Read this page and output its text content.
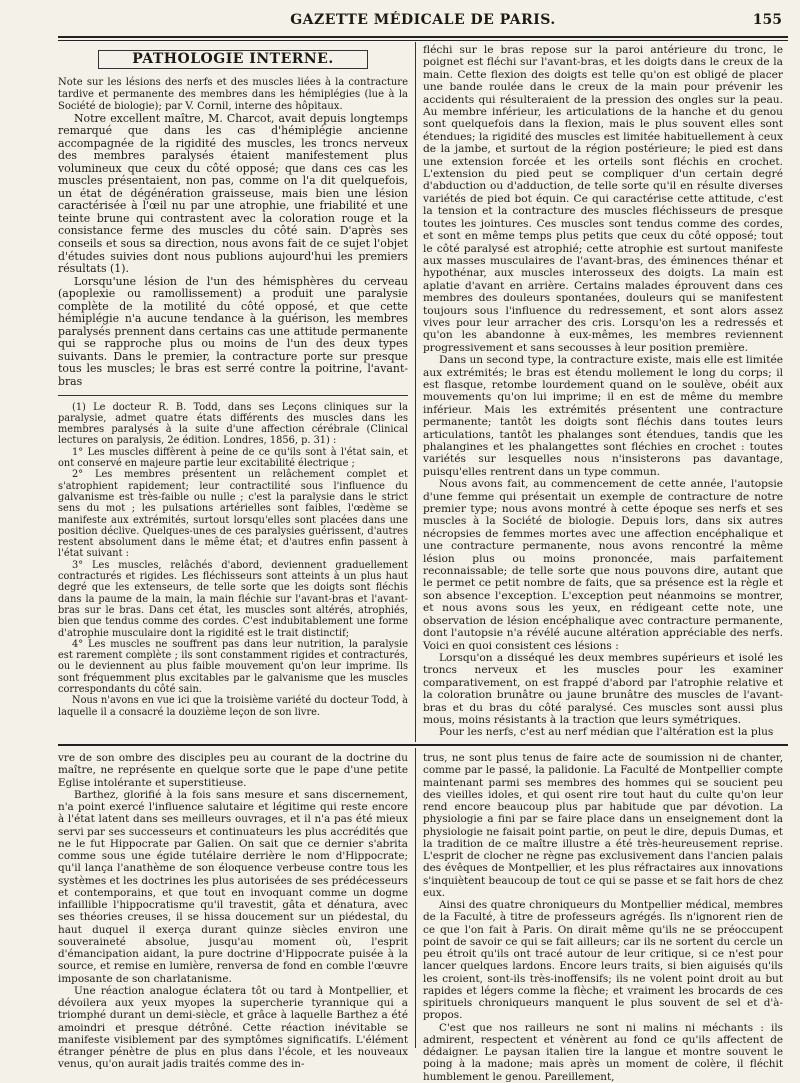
GAZETTE MÉDICALE DE PARIS.	155
PATHOLOGIE INTERNE.

Note sur les lésions des nerfs et des muscles liées à la contracture tardive et permanente des membres dans les hémiplégies (lue à la Société de biologie); par V. Cornil, interne des hôpitaux.

Notre excellent maître, M. Charcot, avait depuis longtemps remarqué que dans les cas d'hémiplégie ancienne accompagnée de la rigidité des muscles, les troncs nerveux des membres paralysés étaient manifestement plus volumineux que ceux du côté opposé; que dans ces cas les muscles présentaient, non pas, comme on l'a dit quelquefois, un état de dégénération graisseuse, mais bien une lésion caractérisée à l'œil nu par une atrophie, une friabilité et une teinte brune qui contrastent avec la coloration rouge et la consistance ferme des muscles du côté sain. D'après ses conseils et sous sa direction, nous avons fait de ce sujet l'objet d'études suivies dont nous publions aujourd'hui les premiers résultats (1).

Lorsqu'une lésion de l'un des hémisphères du cerveau (apoplexie ou ramollissement) a produit une paralysie complète de la motilité du côté opposé, et que cette hémiplégie n'a aucune tendance à la guérison, les membres paralysés prennent dans certains cas une attitude permanente qui se rapproche plus ou moins de l'un des deux types suivants. Dans le premier, la contracture porte sur presque tous les muscles; le bras est serré contre la poitrine, l'avant-bras

(1) Le docteur R. B. Todd, dans ses Leçons cliniques sur la paralysie, admet quatre états différents des muscles dans les membres paralysés à la suite d'une affection cérébrale (Clinical lectures on paralysis, 2e édition. Londres, 1856, p. 31) :

1° Les muscles diffèrent à peine de ce qu'ils sont à l'état sain, et ont conservé en majeure partie leur excitabilité électrique ;

2° Les membres présentent un relâchement complet et s'atrophient rapidement; leur contractilité sous l'influence du galvanisme est très-faible ou nulle ; c'est la paralysie dans le strict sens du mot ; les pulsations artérielles sont faibles, l'œdème se manifeste aux extrémités, surtout lorsqu'elles sont placées dans une position déclive. Quelques-unes de ces paralysies guérissent, d'autres restent absolument dans le même état; et d'autres enfin passent à l'état suivant :

3° Les muscles, relâchés d'abord, deviennent graduellement contracturés et rigides. Les fléchisseurs sont atteints à un plus haut degré que les extenseurs, de telle sorte que les doigts sont fléchis dans la paume de la main, la main fléchie sur l'avant-bras et l'avant-bras sur le bras. Dans cet état, les muscles sont altérés, atrophiés, bien que tendus comme des cordes. C'est indubitablement une forme d'atrophie musculaire dont la rigidité est le trait distinctif;

4° Les muscles ne souffrent pas dans leur nutrition, la paralysie est rarement complète ; ils sont constamment rigides et contracturés, ou le deviennent au plus faible mouvement qu'on leur imprime. Ils sont fréquemment plus excitables par le galvanisme que les muscles correspondants du côté sain.

Nous n'avons en vue ici que la troisième variété du docteur Todd, à laquelle il a consacré la douzième leçon de son livre.

fléchi sur le bras repose sur la paroi antérieure du tronc, le poignet est fléchi sur l'avant-bras, et les doigts dans le creux de la main. Cette flexion des doigts est telle qu'on est obligé de placer une bande roulée dans le creux de la main pour prévenir les accidents qui résulteraient de la pression des ongles sur la peau. Au membre inférieur, les articulations de la hanche et du genou sont quelquefois dans la flexion, mais le plus souvent elles sont étendues; la rigidité des muscles est limitée habituellement à ceux de la jambe, et surtout de la région postérieure; le pied est dans une extension forcée et les orteils sont fléchis en crochet. L'extension du pied peut se compliquer d'un certain degré d'abduction ou d'adduction, de telle sorte qu'il en résulte diverses variétés de pied bot équin. Ce qui caractérise cette attitude, c'est la tension et la contracture des muscles fléchisseurs de presque toutes les jointures. Ces muscles sont tendus comme des cordes, et sont en même temps plus petits que ceux du côté opposé; tout le côté paralysé est atrophié; cette atrophie est surtout manifeste aux masses musculaires de l'avant-bras, des éminences thénar et hypothénar, aux muscles interosseux des doigts. La main est aplatie d'avant en arrière. Certains malades éprouvent dans ces membres des douleurs spontanées, douleurs qui se manifestent toujours sous l'influence du redressement, et sont alors assez vives pour leur arracher des cris. Lorsqu'on les a redressés et qu'on les abandonne à eux-mêmes, les membres reviennent progressivement et sans secousses à leur position première.

Dans un second type, la contracture existe, mais elle est limitée aux extrémités; le bras est étendu mollement le long du corps; il est flasque, retombe lourdement quand on le soulève, obéit aux mouvements qu'on lui imprime; il en est de même du membre inférieur. Mais les extrémités présentent une contracture permanente; tantôt les doigts sont fléchis dans toutes leurs articulations, tantôt les phalanges sont étendues, tandis que les phalangines et les phalangettes sont fléchies en crochet : toutes variétés sur lesquelles nous n'insisterons pas davantage, puisqu'elles rentrent dans un type commun.

Nous avons fait, au commencement de cette année, l'autopsie d'une femme qui présentait un exemple de contracture de notre premier type; nous avons montré à cette époque ses nerfs et ses muscles à la Société de biologie. Depuis lors, dans six autres nécropsies de femmes mortes avec une affection encéphalique et une contracture permanente, nous avons rencontré la même lésion plus ou moins prononcée, mais parfaitement reconnaissable; de telle sorte que nous pouvons dire, autant que le permet ce petit nombre de faits, que sa présence est la règle et son absence l'exception. L'exception peut néanmoins se montrer, et nous avons sous les yeux, en rédigeant cette note, une observation de lésion encéphalique avec contracture permanente, dont l'autopsie n'a révélé aucune altération appréciable des nerfs. Voici en quoi consistent ces lésions :

Lorsqu'on a disséqué les deux membres supérieurs et isolé les troncs nerveux et les muscles pour les examiner comparativement, on est frappé d'abord par l'atrophie relative et la coloration brunâtre ou jaune brunâtre des muscles de l'avant-bras et du bras du côté paralysé. Ces muscles sont aussi plus mous, moins résistants à la traction que leurs symétriques.

Pour les nerfs, c'est au nerf médian que l'altération est la plus

vre de son ombre des disciples peu au courant de la doctrine du maître, ne représente en quelque sorte que le pape d'une petite Eglise intolérante et superstitieuse.

Barthez, glorifié à la fois sans mesure et sans discernement, n'a point exercé l'influence salutaire et légitime qui reste encore à l'état latent dans ses meilleurs ouvrages, et il n'a pas été mieux servi par ses successeurs et continuateurs les plus accrédités que ne le fut Hippocrate par Galien. On sait que ce dernier s'abrita comme sous une égide tutélaire derrière le nom d'Hippocrate; qu'il lança l'anathème de son éloquence verbeuse contre tous les systèmes et les doctrines les plus autorisées de ses prédécesseurs et contemporains, et que tout en invoquant comme un dogme infaillible l'hippocratisme qu'il travestit, gâta et dénatura, avec ses théories creuses, il se hissa doucement sur un piédestal, du haut duquel il exerça durant quinze siècles environ une souveraineté absolue, jusqu'au moment où, l'esprit d'émancipation aidant, la pure doctrine d'Hippocrate puisée à la source, et remise en lumière, renversa de fond en comble l'œuvre imposante de son charlatanisme.

Une réaction analogue éclatera tôt ou tard à Montpellier, et dévoilera aux yeux myopes la supercherie tyrannique qui a triomphé durant un demi-siècle, et grâce à laquelle Barthez a été amoindri et presque détrôné. Cette réaction inévitable se manifeste visiblement par des symptômes significatifs. L'élément étranger pénètre de plus en plus dans l'école, et les nouveaux venus, qu'on aurait jadis traités comme des in-

trus, ne sont plus tenus de faire acte de soumission ni de chanter, comme par le passé, la palidonie. La Faculté de Montpellier compte maintenant parmi ses membres des hommes qui se soucient peu des vieilles idoles, et qui osent rire tout haut du culte qu'on leur rend encore beaucoup plus par habitude que par dévotion. La physiologie a fini par se faire place dans un enseignement dont la physiologie ne faisait point partie, on peut le dire, depuis Dumas, et la tradition de ce maître illustre a été très-heureusement reprise. L'esprit de clocher ne règne pas exclusivement dans l'ancien palais des évêques de Montpellier, et les plus réfractaires aux innovations s'inquiètent beaucoup de tout ce qui se passe et se fait hors de chez eux.

Ainsi des quatre chroniqueurs du Montpellier médical, membres de la Faculté, à titre de professeurs agrégés. Ils n'ignorent rien de ce que l'on fait à Paris. On dirait même qu'ils ne se préoccupent point de savoir ce qui se fait ailleurs; car ils ne sortent du cercle un peu étroit qu'ils ont tracé autour de leur critique, si ce n'est pour lancer quelques lardons. Encore leurs traits, si bien aiguisés qu'ils les croient, sont-ils très-inoffensifs; ils ne volent point droit au but rapides et légers comme la flèche; et vraiment les brocards de ces spirituels chroniqueurs manquent le plus souvent de sel et d'à-propos.

C'est que nos railleurs ne sont ni malins ni méchants : ils admirent, respectent et vénèrent au fond ce qu'ils affectent de dédaigner. Le paysan italien tire la langue et montre souvent le poing à la madone; mais après un moment de colère, il fléchit humblement le genou. Pareillement,
